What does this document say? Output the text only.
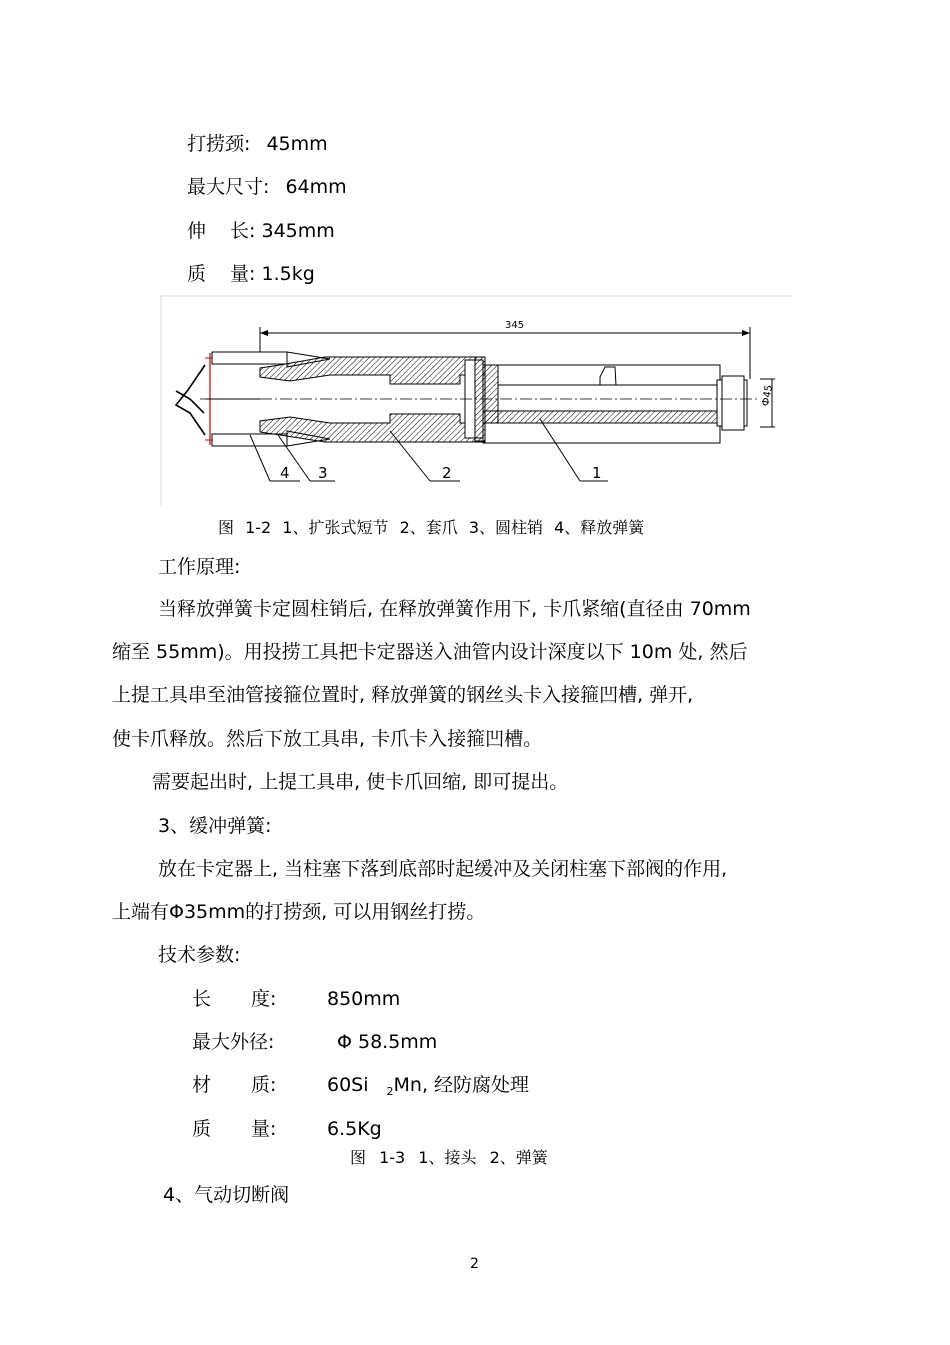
打捞颈: 45mm
最大尺寸: 64mm
伸 长: 345mm
质 量: 1.5kg
345
Ф45
4 3	2	1
图 1-2 1、扩张式短节 2、套爪 3、圆柱销 4、释放弹簧
工作原理:
当释放弹簧卡定圆柱销后, 在释放弹簧作用下, 卡爪紧缩(直径由 70mm
缩至 55mm)。用投捞工具把卡定器送入油管内设计深度以下 10m 处, 然后
上提工具串至油管接箍位置时, 释放弹簧的钢丝头卡入接箍凹槽, 弹开,
使卡爪释放。然后下放工具串, 卡爪卡入接箍凹槽。
需要起出时, 上提工具串, 使卡爪回缩, 即可提出。
3、缓冲弹簧:
放在卡定器上, 当柱塞下落到底部时起缓冲及关闭柱塞下部阀的作用,
上端有Φ35mm的打捞颈, 可以用钢丝打捞。
技术参数:
长 度:	850mm
最大外径:	Φ 58.5mm
材 质:	60Si $_2$Mn, 经防腐处理
质 量:	6.5Kg
图 1-3 1、接头 2、弹簧
4、气动切断阀
2
